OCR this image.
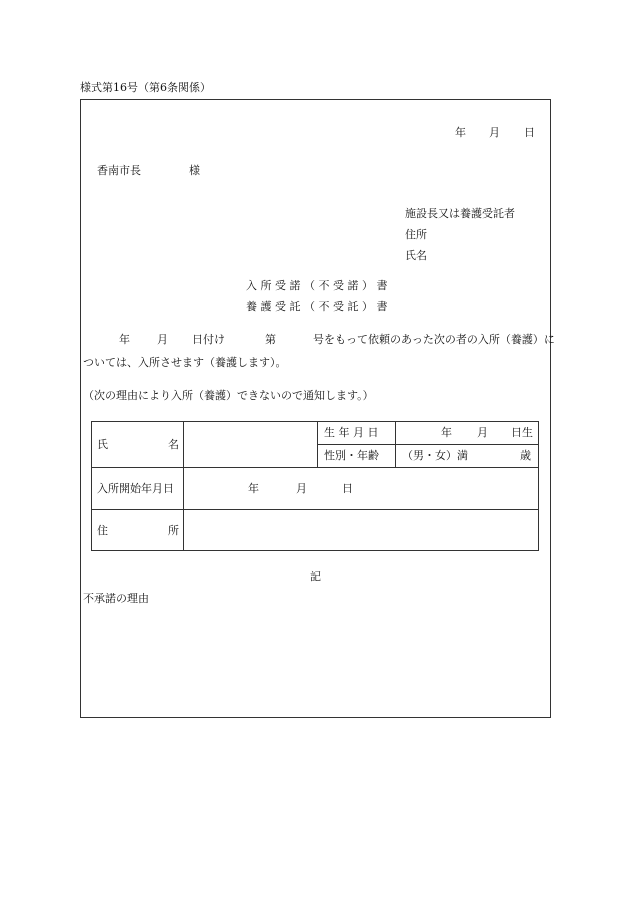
様式第16号（第6条関係）
年 月 日
香南市長	様
施設長又は養護受託者
住所
氏名
入 所 受 諾 （ 不 受 諾 ） 書
養 護 受 託 （ 不 受 託 ） 書
年 月 日付け	第	号をもって依頼のあった次の者の入所（養護）に
ついては、入所させます（養護します）。
（次の理由により入所（養護）できないので通知します。）
氏	名
生 年 月 日	年 月 日生
性別・年齢 （男・女）満	歳
入所開始年月日	年	月	日
住	所
記
不承諾の理由
